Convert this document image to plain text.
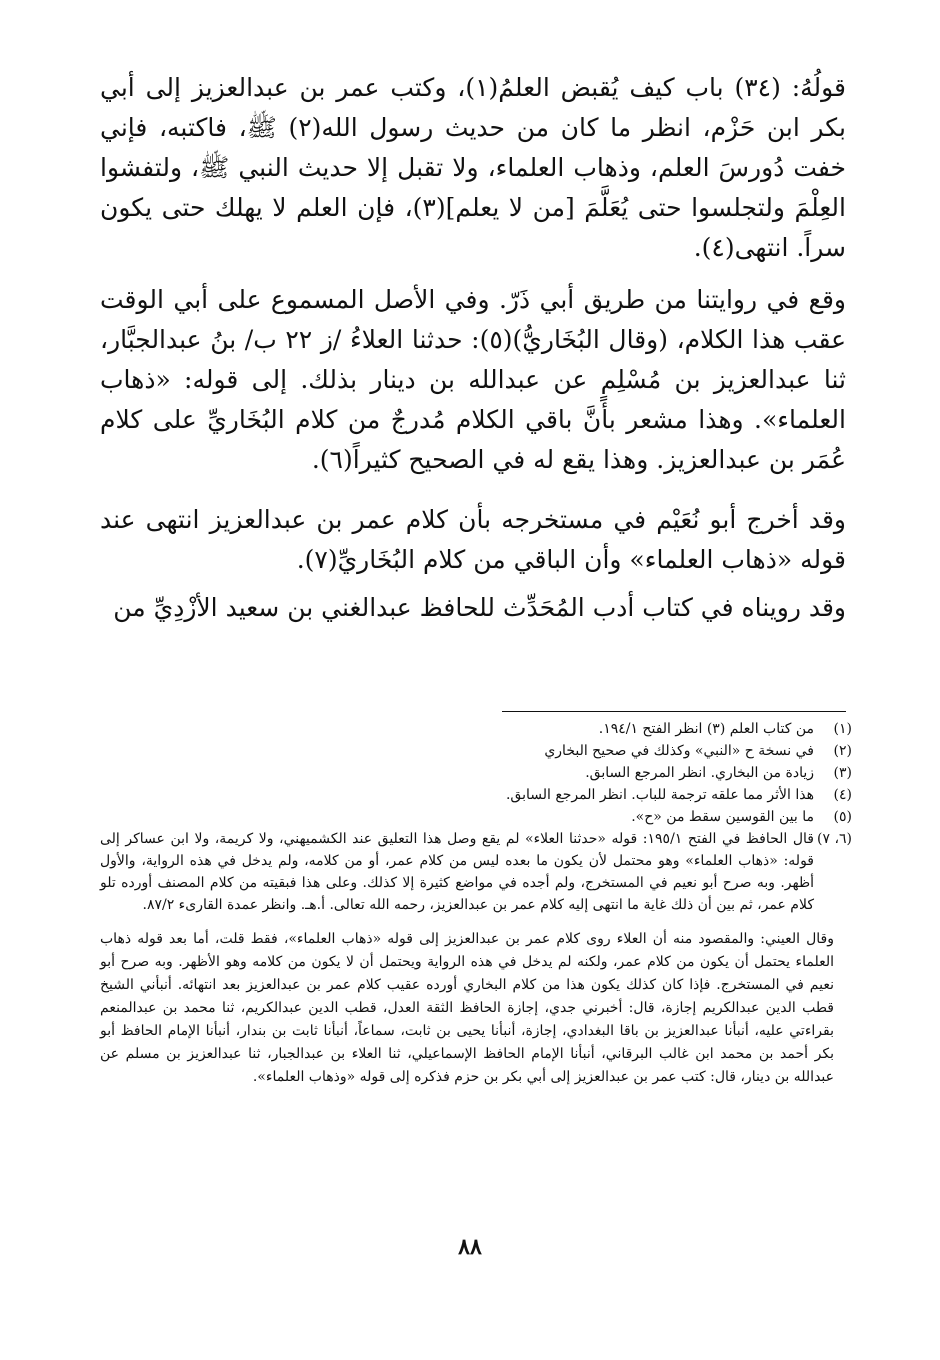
قولُهُ: (٣٤) باب كيف يُقبض العلمُ(١)، وكتب عمر بن عبدالعزيز إلى أبي بكر ابن حَزْم، انظر ما كان من حديث رسول الله(٢) ﷺ، فاكتبه، فإني خفت دُورسَ العلم، وذهاب العلماء، ولا تقبل إلا حديث النبي ﷺ، ولتفشوا العِلْمَ ولتجلسوا حتى يُعَلَّمَ [من لا يعلم](٣)، فإن العلم لا يهلك حتى يكون سراً. انتهى(٤).

وقع في روايتنا من طريق أبي ذَرّ. وفي الأصل المسموع على أبي الوقت عقب هذا الكلام، (وقال البُخَاريُّ)(٥): حدثنا العلاءُ /ز ٢٢ ب/ بنُ عبدالجبَّار، ثنا عبدالعزيز بن مُسْلِمٍ عن عبدالله بن دينار بذلك. إلى قوله: «ذهاب العلماء». وهذا مشعر بأنَّ باقي الكلام مُدرجٌ من كلام البُخَاريِّ على كلام عُمَر بن عبدالعزيز. وهذا يقع له في الصحيح كثيراً(٦).

وقد أخرج أبو نُعَيْم في مستخرجه بأن كلام عمر بن عبدالعزيز انتهى عند قوله «ذهاب العلماء» وأن الباقي من كلام البُخَاريِّ(٧).

وقد رويناه في كتاب أدب المُحَدِّث للحافظ عبدالغني بن سعيد الأزْدِيِّ من

(١)
من كتاب العلم (٣) انظر الفتح ١٩٤/١.
(٢)
في نسخة ح «النبي» وكذلك في صحيح البخاري
(٣)
زيادة من البخاري. انظر المرجع السابق.
(٤)
هذا الأثر مما علقه ترجمة للباب. انظر المرجع السابق.
(٥)
ما بين القوسين سقط من «ح».
(٦، ٧)
قال الحافظ في الفتح ١٩٥/١: قوله «حدثنا العلاء» لم يقع وصل هذا التعليق عند الكشميهني، ولا كريمة، ولا ابن عساكر إلى قوله: «ذهاب العلماء» وهو محتمل لأن يكون ما بعده ليس من كلام عمر، أو من كلامه، ولم يدخل في هذه الرواية، والأول أظهر. وبه صرح أبو نعيم في المستخرج، ولم أجده في مواضع كثيرة إلا كذلك. وعلى هذا فبقيته من كلام المصنف أورده تلو كلام عمر، ثم بين أن ذلك غاية ما انتهى إليه كلام عمر بن عبدالعزيز، رحمه الله تعالى. أ.هـ. وانظر عمدة القارىء ٨٧/٢.

وقال العيني: والمقصود منه أن العلاء روى كلام عمر بن عبدالعزيز إلى قوله «ذهاب العلماء»، فقط قلت، أما بعد قوله ذهاب العلماء يحتمل أن يكون من كلام عمر، ولكنه لم يدخل في هذه الرواية ويحتمل أن لا يكون من كلامه وهو الأظهر. وبه صرح أبو نعيم في المستخرج. فإذا كان كذلك يكون هذا من كلام البخاري أورده عقيب كلام عمر بن عبدالعزيز بعد انتهائه. أنبأني الشيخ قطب الدين عبدالكريم إجازة، قال: أخبرني جدي، إجازة الحافظ الثقة العدل، قطب الدين عبدالكريم، ثنا محمد بن عبدالمنعم بقراءتي عليه، أنبأنا عبدالعزيز بن باقا البغدادي، إجازة، أنبأنا يحيى بن ثابت، سماعاً، أنبأنا ثابت بن بندار، أنبأنا الإمام الحافظ أبو بكر أحمد بن محمد ابن غالب البرقاني، أنبأنا الإمام الحافظ الإسماعيلي، ثنا العلاء بن عبدالجبار، ثنا عبدالعزيز بن مسلم عن عبدالله بن دينار، قال: كتب عمر بن عبدالعزيز إلى أبي بكر بن حزم فذكره إلى قوله «وذهاب العلماء».

٨٨
